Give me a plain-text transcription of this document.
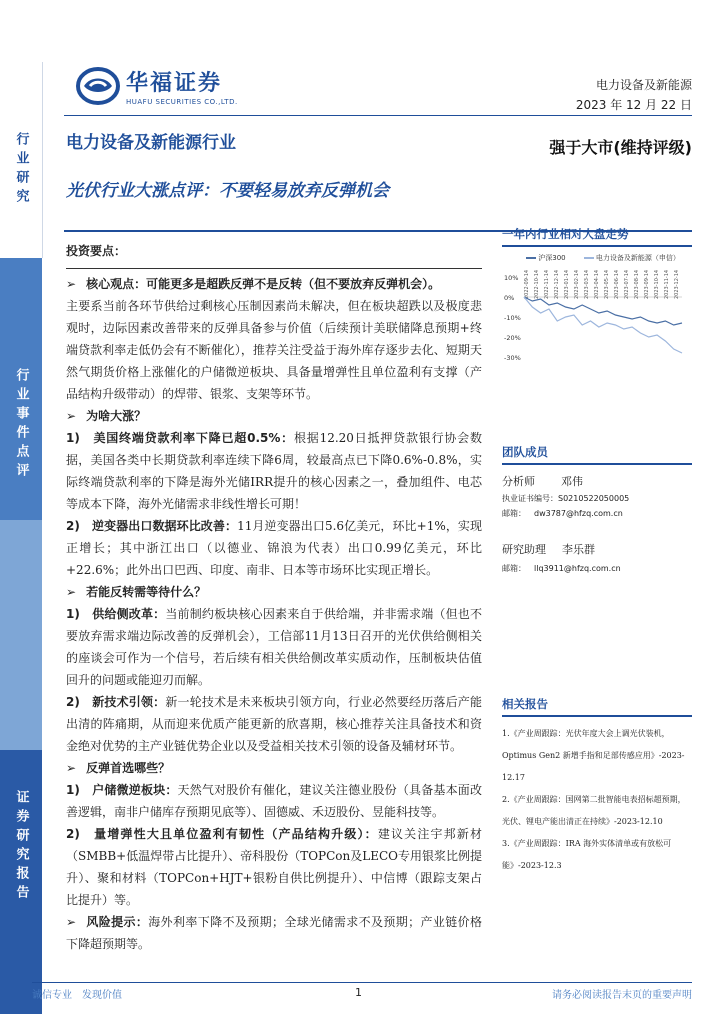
行业研究
行业事件点评
证券研究报告
华福证券
HUAFU SECURITIES CO.,LTD.
电力设备及新能源
2023 年 12 月 22 日
电力设备及新能源行业	强于大市(维持评级)
光伏行业大涨点评：不要轻易放弃反弹机会

投资要点：

➢ 核心观点：可能更多是超跌反弹不是反转（但不要放弃反弹机会）。

主要系当前各环节供给过剩核心压制因素尚未解决，但在板块超跌以及极度悲观时，边际因素改善带来的反弹具备参与价值（后续预计美联储降息预期+终端贷款利率走低仍会有不断催化），推荐关注受益于海外库存逐步去化、短期天然气期货价格上涨催化的户储微逆板块、具备量增弹性且单位盈利有支撑（产品结构升级带动）的焊带、银浆、支架等环节。

➢ 为啥大涨？

1)　美国终端贷款利率下降已超0.5%：根据12.20日抵押贷款银行协会数据，美国各类中长期贷款利率连续下降6周，较最高点已下降0.6%-0.8%，实际终端贷款利率的下降是海外光储IRR提升的核心因素之一，叠加组件、电芯等成本下降，海外光储需求非线性增长可期！

2)　逆变器出口数据环比改善：11月逆变器出口5.6亿美元，环比+1%，实现正增长；其中浙江出口（以德业、锦浪为代表）出口0.99亿美元，环比+22.6%；此外出口巴西、印度、南非、日本等市场环比实现正增长。

➢ 若能反转需等待什么？

1)　供给侧改革：当前制约板块核心因素来自于供给端，并非需求端（但也不要放弃需求端边际改善的反弹机会），工信部11月13日召开的光伏供给侧相关的座谈会可作为一个信号，若后续有相关供给侧改革实质动作，压制板块估值回升的问题或能迎刃而解。

2)　新技术引领：新一轮技术是未来板块引领方向，行业必然要经历落后产能出清的阵痛期，从而迎来优质产能更新的欣喜期，核心推荐关注具备技术和资金绝对优势的主产业链优势企业以及受益相关技术引领的设备及辅材环节。

➢ 反弹首选哪些？

1)　户储微逆板块：天然气对股价有催化，建议关注德业股份（具备基本面改善逻辑，南非户储库存预期见底等）、固德威、禾迈股份、昱能科技等。

2)　量增弹性大且单位盈利有韧性（产品结构升级）：建议关注宇邦新材（SMBB+低温焊带占比提升）、帝科股份（TOPCon及LECO专用银浆比例提升）、聚和材料（TOPCon+HJT+银粉自供比例提升）、中信博（跟踪支架占比提升）等。

➢ 风险提示：海外利率下降不及预期；全球光储需求不及预期；产业链价格下降超预期等。

一年内行业相对大盘走势
沪深300	电力设备及新能源（申信）
10%
0%
-10%
-20%
-30%
2022-09-14 2022-10-14 2022-11-14 2022-12-14 2023-01-14 2023-02-14 2023-03-14 2023-04-14 2023-05-14 2023-06-14 2023-07-14 2023-08-14 2023-09-14 2023-10-14 2023-11-14 2023-12-14
团队成员
分析师 邓伟
执业证书编号：S0210522050005
邮箱： dw3787@hfzq.com.cn
研究助理 李乐群
邮箱： llq3911@hfzq.com.cn
相关报告
1.《产业周跟踪：光伏年度大会上调光伏装机，Optimus Gen2 新增手指和足部传感应用》-2023-12.17
2.《产业周跟踪：国网第二批智能电表招标超预期，光伏、锂电产能出清正在持续》-2023-12.10
3.《产业周跟踪：IRA 海外实体清单或有放松可能》-2023-12.3
诚信专业　发现价值	1	请务必阅读报告末页的重要声明
